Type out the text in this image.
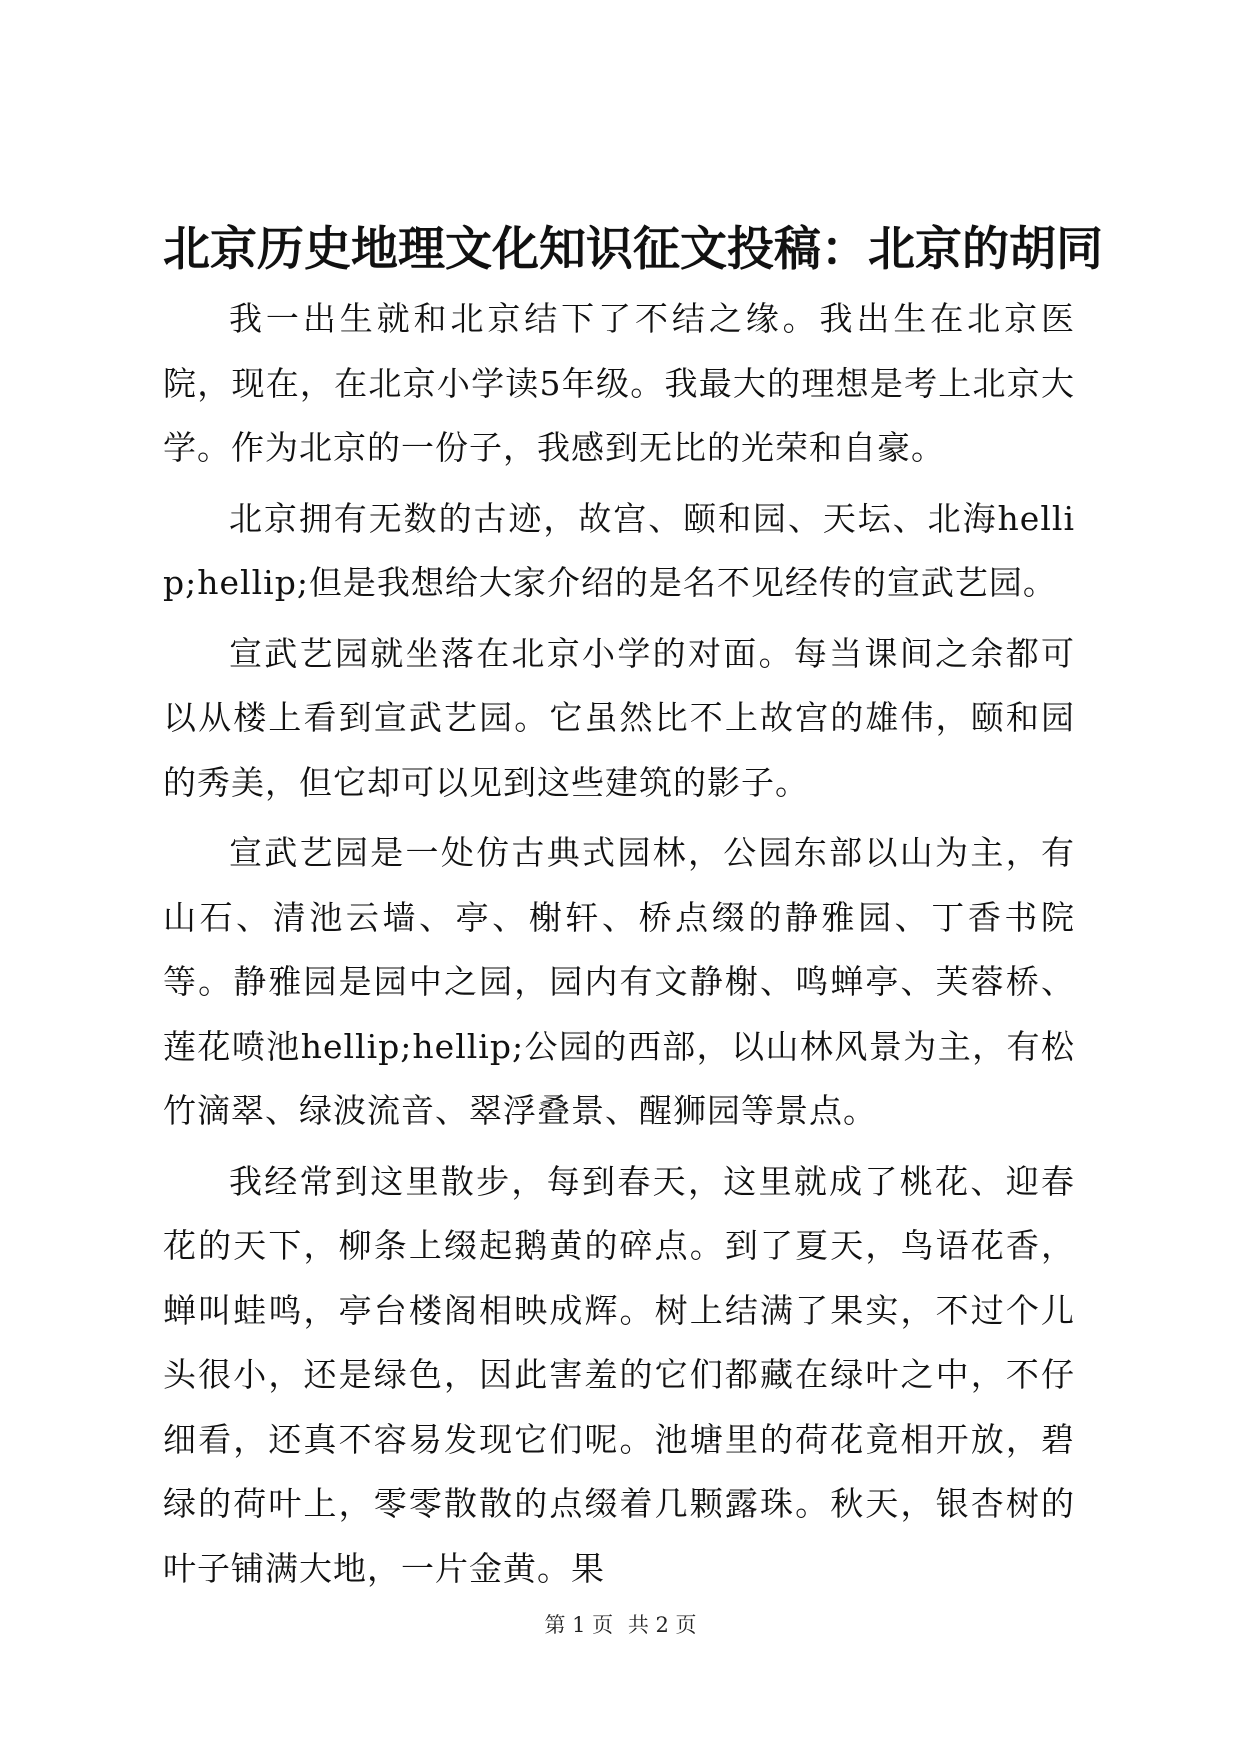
北京历史地理文化知识征文投稿：北京的胡同

我一出生就和北京结下了不结之缘。我出生在北京医院，现在，在北京小学读5年级。我最大的理想是考上北京大学。作为北京的一份子，我感到无比的光荣和自豪。

北京拥有无数的古迹，故宫、颐和园、天坛、北海hellip;hellip;但是我想给大家介绍的是名不见经传的宣武艺园。

宣武艺园就坐落在北京小学的对面。每当课间之余都可以从楼上看到宣武艺园。它虽然比不上故宫的雄伟，颐和园的秀美，但它却可以见到这些建筑的影子。

宣武艺园是一处仿古典式园林，公园东部以山为主，有山石、清池云墙、亭、榭轩、桥点缀的静雅园、丁香书院等。静雅园是园中之园，园内有文静榭、鸣蝉亭、芙蓉桥、莲花喷池hellip;hellip;公园的西部，以山林风景为主，有松竹滴翠、绿波流音、翠浮叠景、醒狮园等景点。

我经常到这里散步，每到春天，这里就成了桃花、迎春花的天下，柳条上缀起鹅黄的碎点。到了夏天，鸟语花香，蝉叫蛙鸣，亭台楼阁相映成辉。树上结满了果实，不过个儿头很小，还是绿色，因此害羞的它们都藏在绿叶之中，不仔细看，还真不容易发现它们呢。池塘里的荷花竟相开放，碧绿的荷叶上，零零散散的点缀着几颗露珠。秋天，银杏树的叶子铺满大地，一片金黄。果

第 1 页 共 2 页
